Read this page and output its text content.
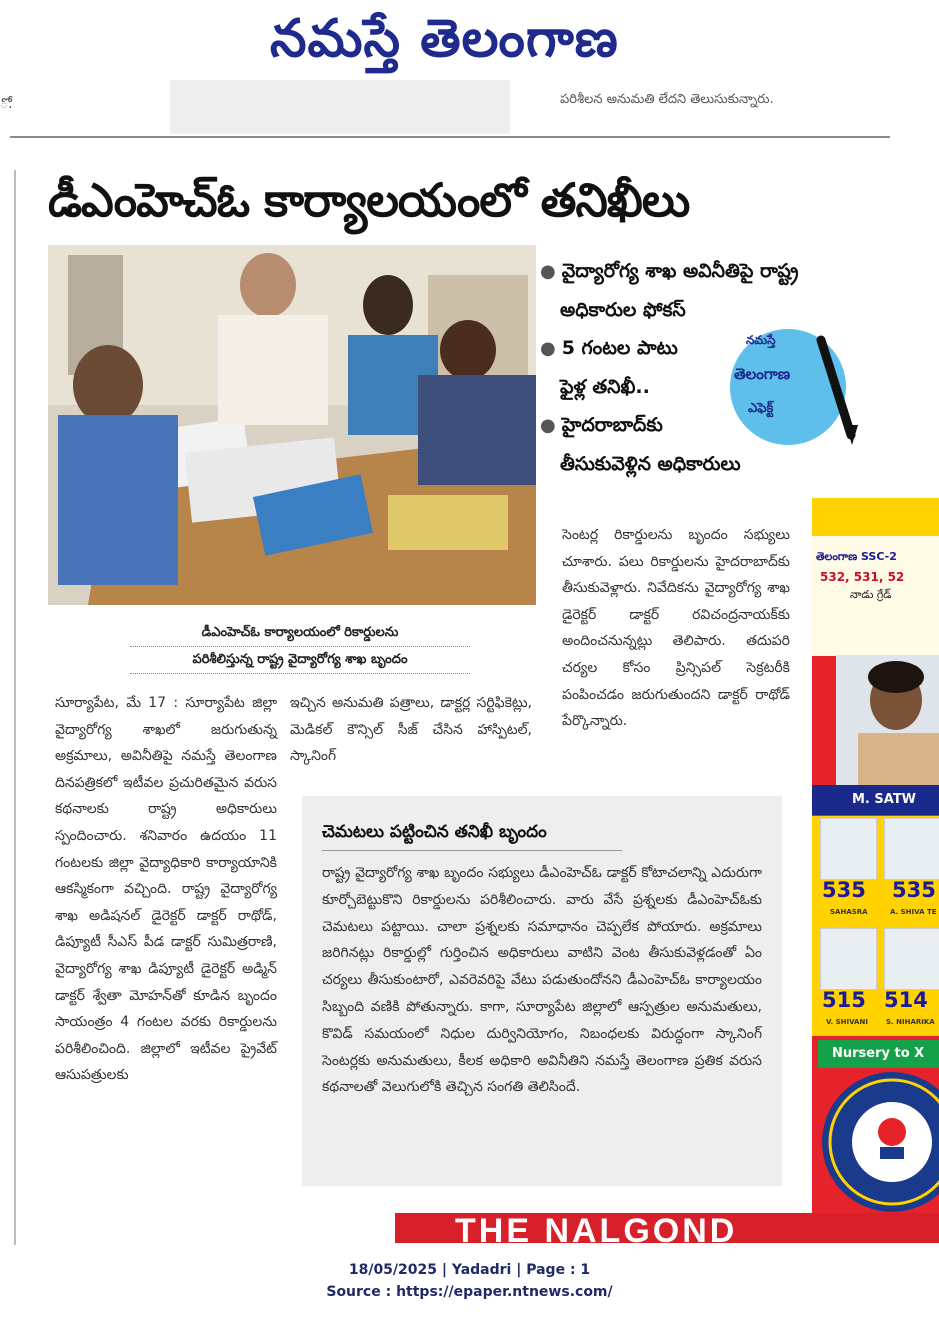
నమస్తే తెలంగాణ
ో.	పరిశీలన అనుమతి లేదని తెలుసుకున్నారు.
డీఎంహెచ్ఓ కార్యాలయంలో తనిఖీలు
డీఎంహెచ్ఓ కార్యాలయంలో రికార్డులను
పరిశీలిస్తున్న రాష్ట్ర వైద్యారోగ్య శాఖ బృందం
● వైద్యారోగ్య శాఖ అవినీతిపై రాష్ట్ర
అధికారుల ఫోకస్
● 5 గంటల పాటు
ఫైళ్ల తనిఖీ..
● హైదరాబాద్‌కు
తీసుకువెళ్లిన అధికారులు
నమస్తే
తెలంగాణ
ఎఫెక్ట్
సెంటర్ల రికార్డులను బృందం సభ్యులు చూశారు. పలు రికార్డులను హైదరాబాద్‌కు తీసుకువెళ్లారు. నివేదికను వైద్యారోగ్య శాఖ డైరెక్టర్ డాక్టర్ రవిచంద్రనాయక్‌కు అందించనున్నట్లు తెలిపారు. తదుపరి చర్యల కోసం ప్రిన్సిపల్ సెక్రటరీకి పంపించడం జరుగుతుందని డాక్టర్ రాథోడ్ పేర్కొన్నారు.
సూర్యాపేట, మే 17 : సూర్యాపేట జిల్లా వైద్యారోగ్య శాఖలో జరుగుతున్న అక్రమాలు, అవినీతిపై నమస్తే తెలంగాణ దినపత్రికలో ఇటీవల ప్రచురితమైన వరుస కథనాలకు రాష్ట్ర అధికారులు స్పందించారు. శనివారం ఉదయం 11 గంటలకు జిల్లా వైద్యాధికారి కార్యాయానికి ఆకస్మికంగా వచ్చింది. రాష్ట్ర వైద్యారోగ్య శాఖ అడిషనల్ డైరెక్టర్ డాక్టర్ రాథోడ్, డిప్యూటీ సీఎస్ పీడ డాక్టర్ సుమిత్రరాణి, వైద్యారోగ్య శాఖ డిప్యూటీ డైరెక్టర్ అడ్మిన్ డాక్టర్ శ్వేతా మోహన్‌తో కూడిన బృందం సాయంత్రం 4 గంటల వరకు రికార్డులను పరిశీలించింది. జిల్లాలో ఇటీవల ప్రైవేట్ ఆసుపత్రులకు
ఇచ్చిన అనుమతి పత్రాలు, డాక్టర్ల సర్టిఫికెట్లు, మెడికల్ కౌన్సిల్ సీజ్ చేసిన హాస్పిటల్, స్కానింగ్
చెమటలు పట్టించిన తనిఖీ బృందం
రాష్ట్ర వైద్యారోగ్య శాఖ బృందం సభ్యులు డీఎంహెచ్ఓ డాక్టర్ కోటాచలాన్ని ఎదురుగా కూర్చోబెట్టుకొని రికార్డులను పరిశీలించారు. వారు వేసే ప్రశ్నలకు డీఎంహెచ్ఓకు చెమటలు పట్టాయి. చాలా ప్రశ్నలకు సమాధానం చెప్పలేక పోయారు. అక్రమాలు జరిగినట్లు రికార్డుల్లో గుర్తించిన అధికారులు వాటిని వెంట తీసుకువెళ్లడంతో ఏం చర్యలు తీసుకుంటారో, ఎవరెవరిపై వేటు పడుతుందోనని డీఎంహెచ్ఓ కార్యాలయం సిబ్బంది వణికి పోతున్నారు. కాగా, సూర్యాపేట జిల్లాలో ఆస్పత్రుల అనుమతులు, కొవిడ్ సమయంలో నిధుల దుర్వినియోగం, నిబంధలకు విరుద్ధంగా స్కానింగ్ సెంటర్లకు అనుమతులు, కీలక అధికారి అవినీతిని నమస్తే తెలంగాణ ప్రతిక వరుస కథనాలతో వెలుగులోకి తెచ్చిన సంగతి తెలిసిందే.
తెలంగాణ SSC-2
532, 531, 52
నాడు గ్రేడ్
M. SATW
535 535
SAHASRA	A. SHIVA TE
515 514
V. SHIVANI	S. NIHARIKA
Nursery to X
THE NALGOND
18/05/2025 | Yadadri | Page : 1
Source : https://epaper.ntnews.com/
